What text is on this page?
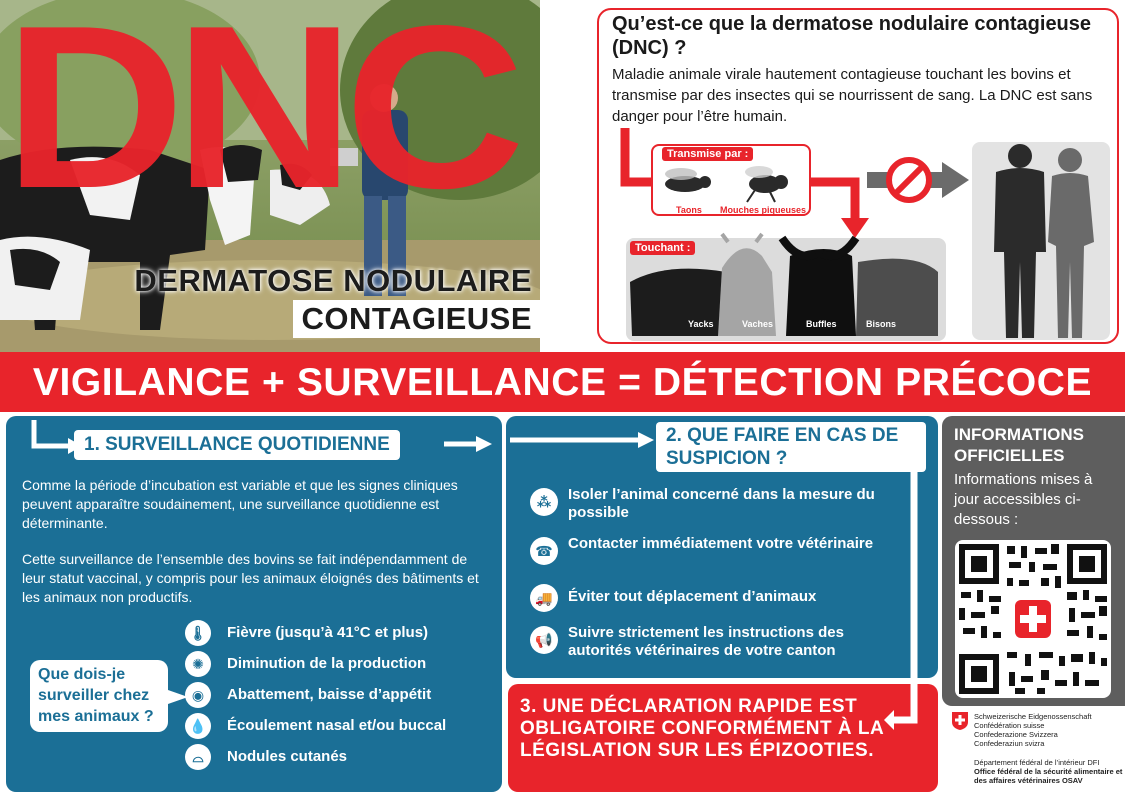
DNC
DERMATOSE NODULAIRE
CONTAGIEUSE
Qu’est-ce que la dermatose nodulaire contagieuse (DNC) ?
Maladie animale virale hautement contagieuse touchant les bovins et transmise par des insectes qui se nourrissent de sang. La DNC est sans danger pour l’être humain.
Transmise par :
Taons Mouches piqueuses
Touchant :
Yacks	Vaches	Buffles	Bisons
VIGILANCE + SURVEILLANCE = DÉTECTION PRÉCOCE
1. SURVEILLANCE QUOTIDIENNE
Comme la période d’incubation est variable et que les signes cliniques peuvent apparaître soudainement, une surveillance quotidienne est déterminante.
Cette surveillance de l’ensemble des bovins se fait indépendamment de leur statut vaccinal, y compris pour les animaux éloignés des bâtiments et les animaux non productifs.
Que dois-je surveiller chez mes animaux ?
🌡 Fièvre (jusqu’à 41°C et plus)
✺	Diminution de la production
◉	Abattement, baisse d’appétit
💧 Écoulement nasal et/ou buccal
⌓	Nodules cutanés
2. QUE FAIRE EN CAS DE SUSPICION ?
⁂	Isoler l’animal concerné dans la mesure du possible
☎	Contacter immédiatement votre vétérinaire
🚚	Éviter tout déplacement d’animaux
📢	Suivre strictement les instructions des autorités vétérinaires de votre canton
3. UNE DÉCLARATION RAPIDE EST OBLIGATOIRE CONFORMÉMENT À LA LÉGISLATION SUR LES ÉPIZOOTIES.
INFORMATIONS OFFICIELLES
Informations mises à jour accessibles ci-dessous :
Schweizerische Eidgenossenschaft
Confédération suisse
Confederazione Svizzera
Confederaziun svizra
Département fédéral de l’intérieur DFI
Office fédéral de la sécurité alimentaire et
des affaires vétérinaires OSAV
